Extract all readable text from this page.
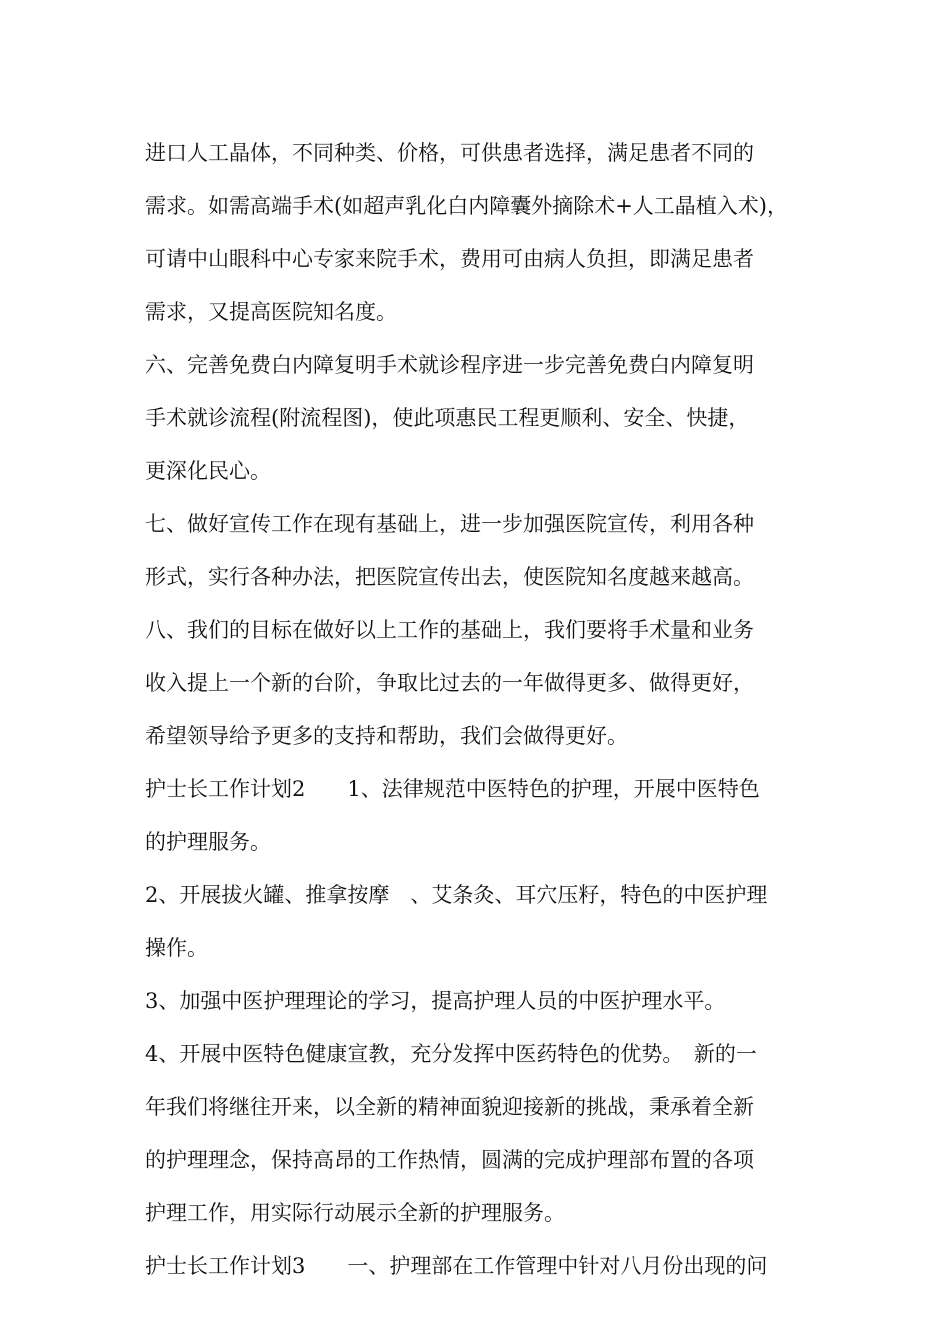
进口人工晶体，不同种类、价格，可供患者选择，满足患者不同的
需求。如需高端手术(如超声乳化白内障囊外摘除术+人工晶植入术)，
可请中山眼科中心专家来院手术，费用可由病人负担，即满足患者
需求，又提高医院知名度。
六、完善免费白内障复明手术就诊程序进一步完善免费白内障复明
手术就诊流程(附流程图)，使此项惠民工程更顺利、安全、快捷，
更深化民心。
七、做好宣传工作在现有基础上，进一步加强医院宣传，利用各种
形式，实行各种办法，把医院宣传出去，使医院知名度越来越高。
八、我们的目标在做好以上工作的基础上，我们要将手术量和业务
收入提上一个新的台阶，争取比过去的一年做得更多、做得更好，
希望领导给予更多的支持和帮助，我们会做得更好。
护士长工作计划2　　1、法律规范中医特色的护理，开展中医特色
的护理服务。
2、开展拔火罐、推拿按摩　、艾条灸、耳穴压籽，特色的中医护理
操作。
3、加强中医护理理论的学习，提高护理人员的中医护理水平。
4、开展中医特色健康宣教，充分发挥中医药特色的优势。　新的一
年我们将继往开来，以全新的精神面貌迎接新的挑战，秉承着全新
的护理理念，保持高昂的工作热情，圆满的完成护理部布置的各项
护理工作，用实际行动展示全新的护理服务。
护士长工作计划3　　一、护理部在工作管理中针对八月份出现的问
